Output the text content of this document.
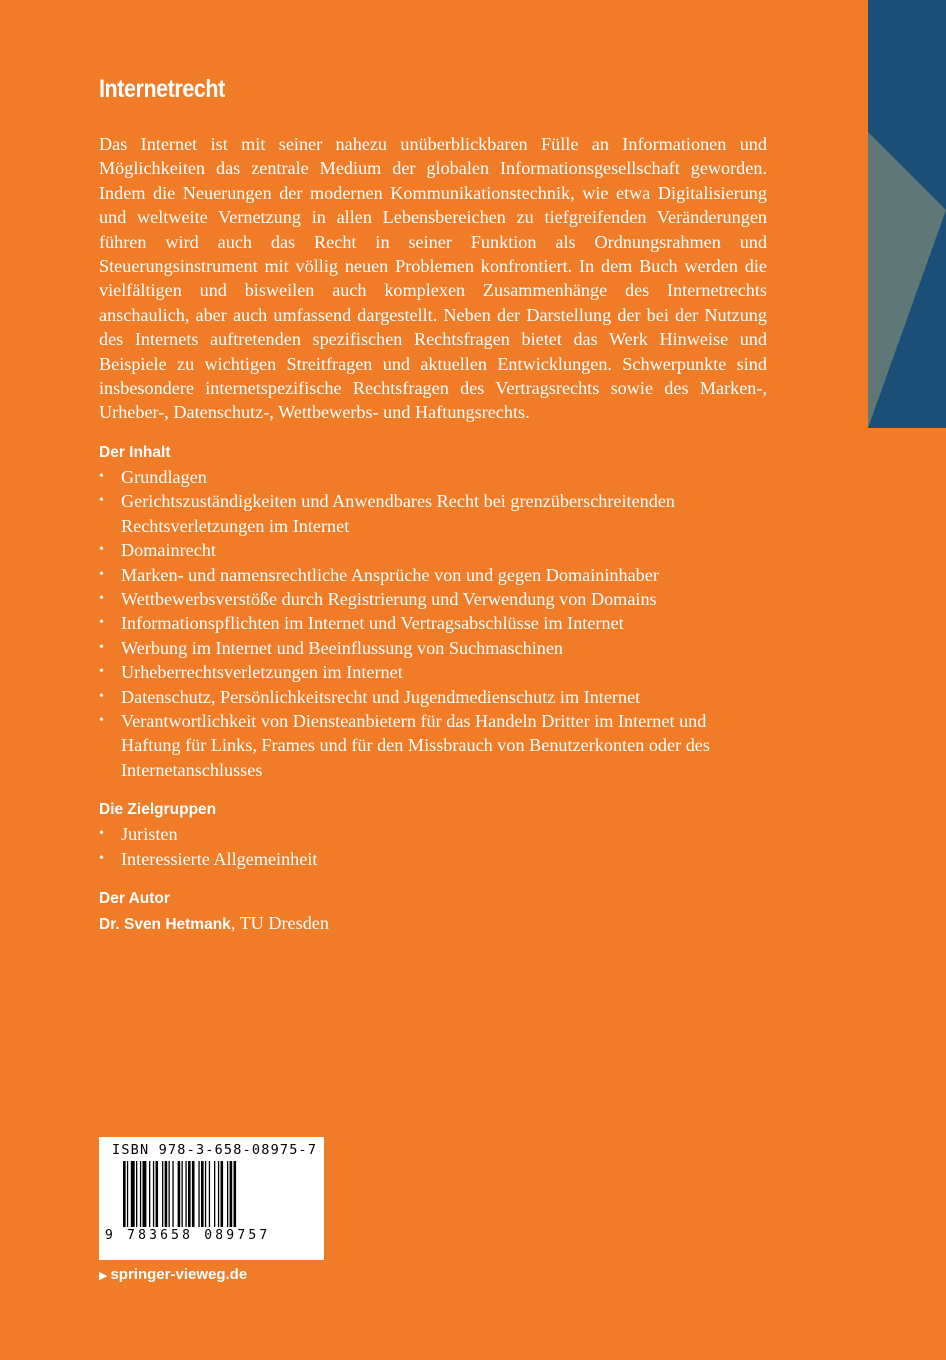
Internetrecht

Das Internet ist mit seiner nahezu unüberblickbaren Fülle an Informationen und Möglichkeiten das zentrale Medium der globalen Informationsgesellschaft geworden. Indem die Neuerungen der modernen Kommunikationstechnik, wie etwa Digitalisierung und weltweite Vernetzung in allen Lebensbereichen zu tiefgreifenden Veränderungen führen wird auch das Recht in seiner Funktion als Ordnungsrahmen und Steuerungsinstrument mit völlig neuen Problemen konfrontiert. In dem Buch werden die vielfältigen und bisweilen auch komplexen Zusammenhänge des Internetrechts anschaulich, aber auch umfassend dargestellt. Neben der Darstellung der bei der Nutzung des Internets auftretenden spezifischen Rechtsfragen bietet das Werk Hinweise und Beispiele zu wichtigen Streitfragen und aktuellen Entwicklungen. Schwerpunkte sind insbesondere internetspezifische Rechtsfragen des Vertragsrechts sowie des Marken-, Urheber-, Datenschutz-, Wettbewerbs- und Haftungsrechts.

Der Inhalt
• Grundlagen
• Gerichtszuständigkeiten und Anwendbares Recht bei grenzüberschreitenden Rechtsverletzungen im Internet
• Domainrecht
• Marken- und namensrechtliche Ansprüche von und gegen Domaininhaber
• Wettbewerbsverstöße durch Registrierung und Verwendung von Domains
• Informationspflichten im Internet und Vertragsabschlüsse im Internet
• Werbung im Internet und Beeinflussung von Suchmaschinen
• Urheberrechtsverletzungen im Internet
• Datenschutz, Persönlichkeitsrecht und Jugendmedienschutz im Internet
• Verantwortlichkeit von Diensteanbietern für das Handeln Dritter im Internet und Haftung für Links, Frames und für den Missbrauch von Benutzerkonten oder des Internetanschlusses
Die Zielgruppen
• Juristen
• Interessierte Allgemeinheit
Der Autor
Dr. Sven Hetmank, TU Dresden
ISBN 978-3-658-08975-7
9 783658 089757
▶ springer-vieweg.de
